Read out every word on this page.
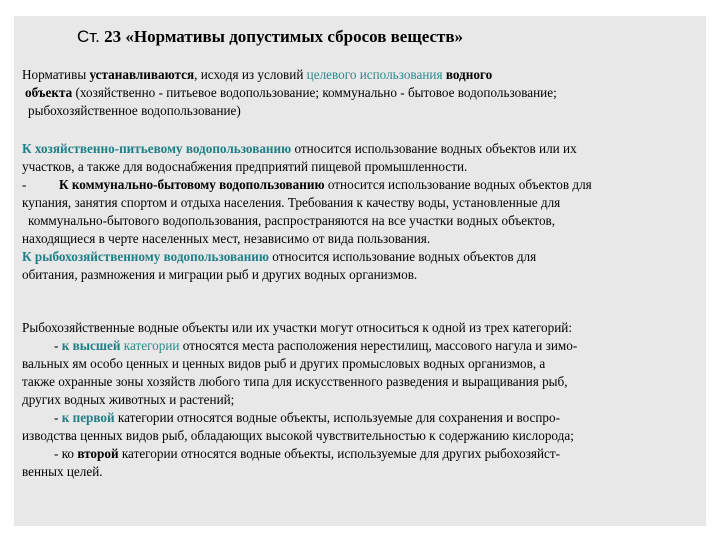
Ст. 23 «Нормативы допустимых сбросов веществ»
Нормативы устанавливаются, исходя из условий целевого использования водного
объекта (хозяйственно - питьевое водопользование; коммунально - бытовое водопользование;
рыбохозяйственное водопользование)
К хозяйственно-питьевому водопользованию относится использование водных объектов или их
участков, а также для водоснабжения предприятий пищевой промышленности.
- К коммунально-бытовому водопользованию относится использование водных объектов для
купания, занятия спортом и отдыха населения. Требования к качеству воды, установленные для
коммунально-бытового водопользования, распространяются на все участки водных объектов,
находящиеся в черте населенных мест, независимо от вида пользования.
К рыбохозяйственному водопользованию относится использование водных объектов для
обитания, размножения и миграции рыб и других водных организмов.
Рыбохозяйственные водные объекты или их участки могут относиться к одной из трех категорий:
- к высшей категории относятся места расположения нерестилищ, массового нагула и зимо-
вальных ям особо ценных и ценных видов рыб и других промысловых водных организмов, а
также охранные зоны хозяйств любого типа для искусственного разведения и выращивания рыб,
других водных животных и растений;
- к первой категории относятся водные объекты, используемые для сохранения и воспро-
изводства ценных видов рыб, обладающих высокой чувствительностью к содержанию кислорода;
- ко второй категории относятся водные объекты, используемые для других рыбохозяйст-
венных целей.
